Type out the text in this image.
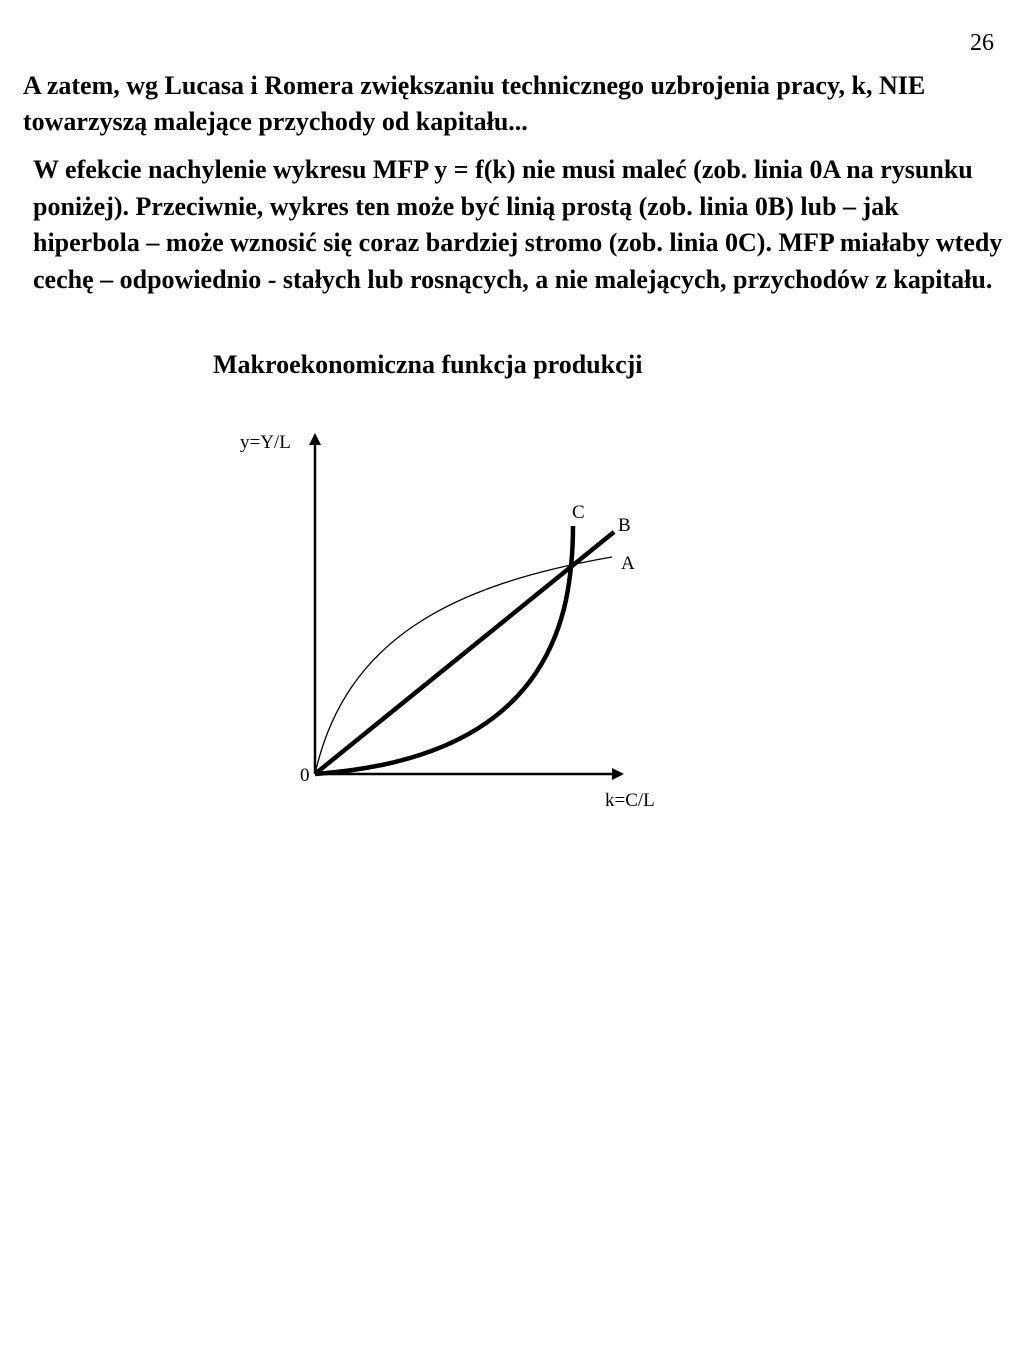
26

A zatem, wg Lucasa i Romera zwiększaniu technicznego uzbrojenia pracy, k, NIE towarzyszą malejące przychody od kapitału...

W efekcie nachylenie wykresu MFP y = f(k) nie musi maleć (zob. linia 0A na rysunku poniżej). Przeciwnie, wykres ten może być linią prostą (zob. linia 0B) lub – jak hiperbola – może wznosić się coraz bardziej stromo (zob. linia 0C). MFP miałaby wtedy cechę – odpowiednio - stałych lub rosnących, a nie malejących, przychodów z kapitału.

Makroekonomiczna funkcja produkcji
y=Y/L
k=C/L
0
C
B
A
